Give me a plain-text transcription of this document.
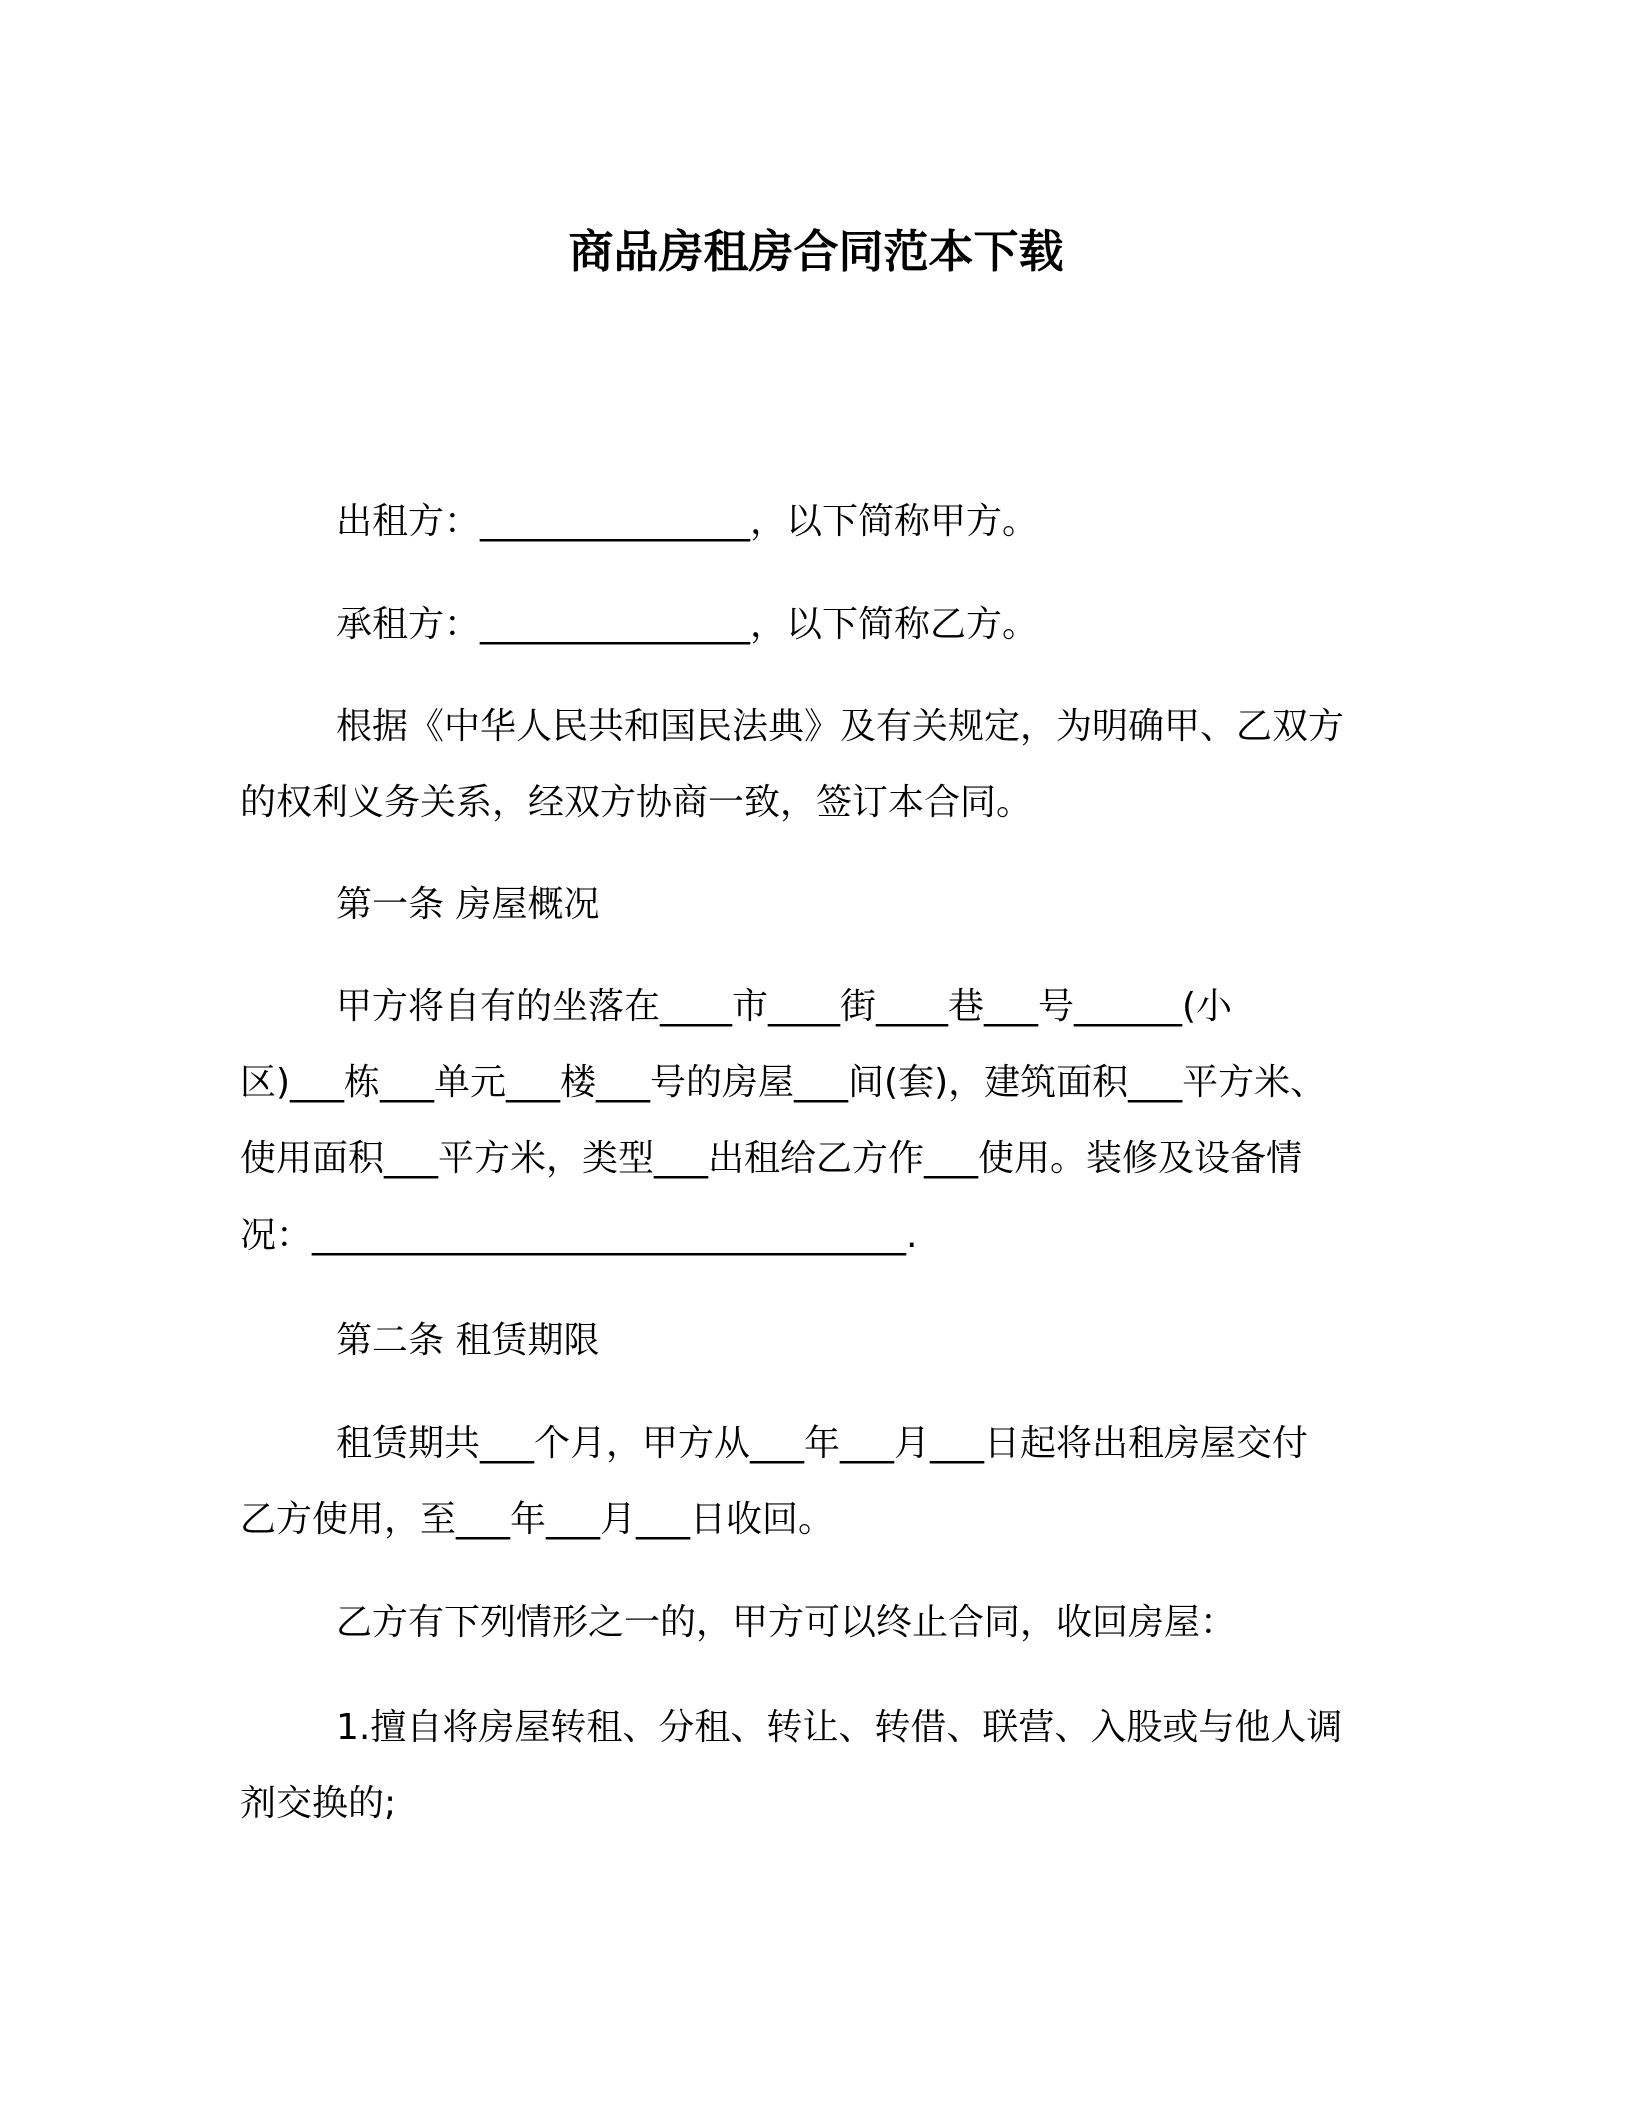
商品房租房合同范本下载

出租方：_______________，以下简称甲方。

承租方：_______________，以下简称乙方。

根据《中华人民共和国民法典》及有关规定，为明确甲、乙双方

的权利义务关系，经双方协商一致，签订本合同。

第一条 房屋概况

甲方将自有的坐落在____市____街____巷___号______(小

区)___栋___单元___楼___号的房屋___间(套)，建筑面积___平方米、

使用面积___平方米，类型___出租给乙方作___使用。装修及设备情

况：_________________________________.

第二条 租赁期限

租赁期共___个月，甲方从___年___月___日起将出租房屋交付

乙方使用，至___年___月___日收回。

乙方有下列情形之一的，甲方可以终止合同，收回房屋：

1.擅自将房屋转租、分租、转让、转借、联营、入股或与他人调

剂交换的;
